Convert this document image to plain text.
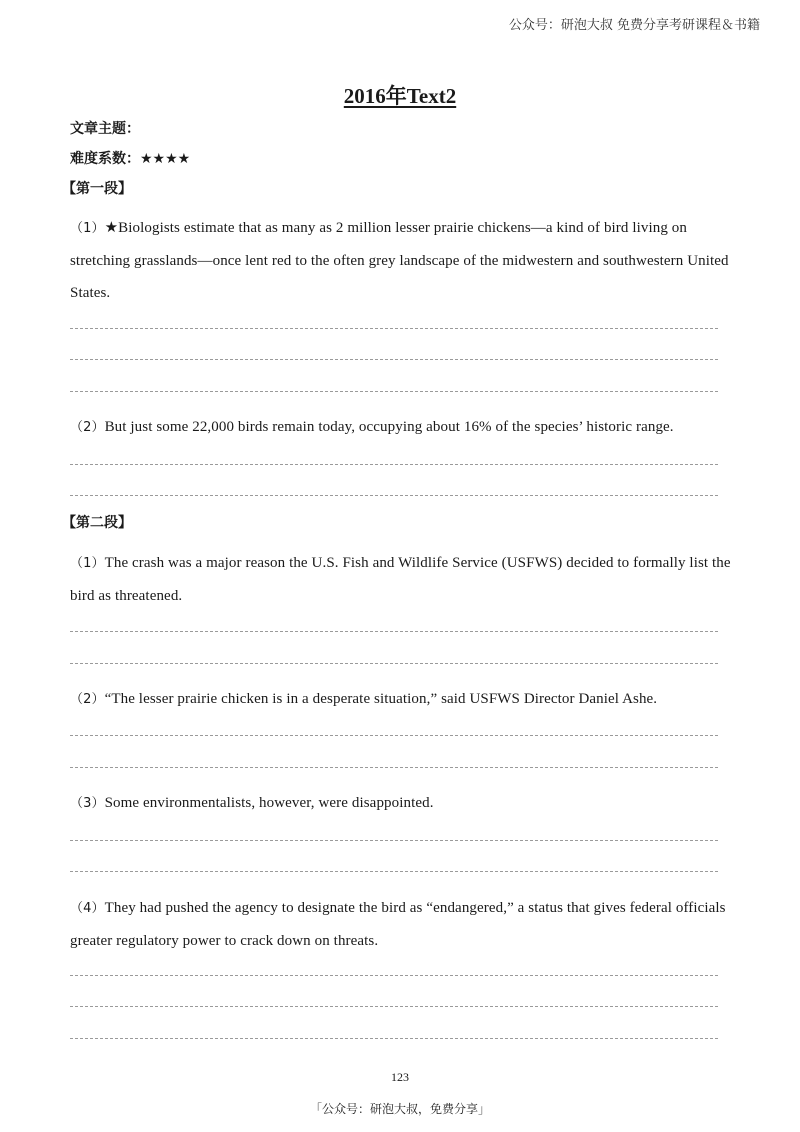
公众号：研泡大叔 免费分享考研课程＆书籍
2016年Text2
文章主题：
难度系数：★★★★
【第一段】
（1）★Biologists estimate that as many as 2 million lesser prairie chickens—a kind of bird living on stretching grasslands—once lent red to the often grey landscape of the midwestern and southwestern United States.
（2）But just some 22,000 birds remain today, occupying about 16% of the species’ historic range.
【第二段】
（1）The crash was a major reason the U.S. Fish and Wildlife Service (USFWS) decided to formally list the bird as threatened.
（2）“The lesser prairie chicken is in a desperate situation,” said USFWS Director Daniel Ashe.
（3）Some environmentalists, however, were disappointed.
（4）They had pushed the agency to designate the bird as “endangered,” a status that gives federal officials greater regulatory power to crack down on threats.
123
「公众号：研泡大叔，免费分享」
